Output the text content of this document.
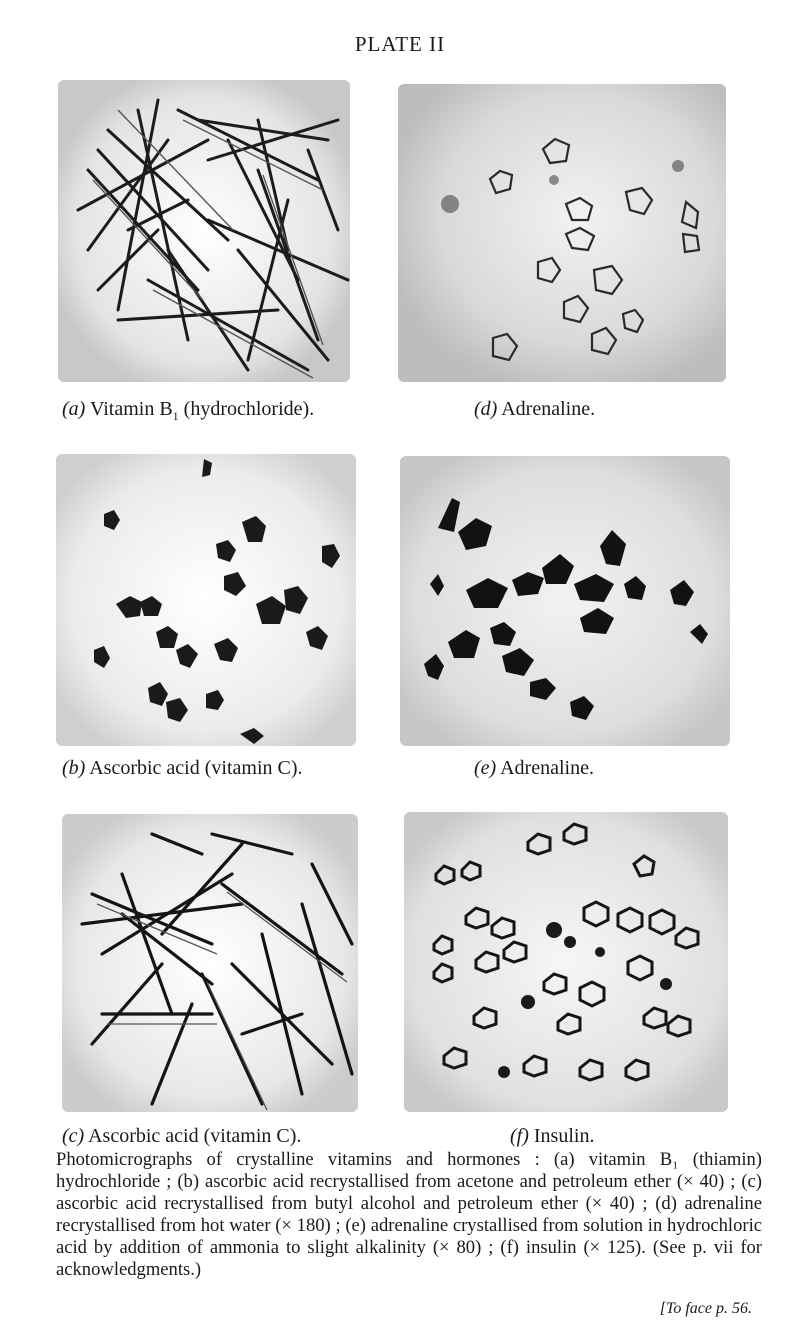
PLATE II
(a) Vitamin $B_1$ (hydrochloride).	(d) Adrenaline.
(b) Ascorbic acid (vitamin C).	(e) Adrenaline.
(c) Ascorbic acid (vitamin C).	(f) Insulin.
Photomicrographs of crystalline vitamins and hormones : (a) vitamin B₁ (thiamin) hydrochloride ; (b) ascorbic acid recrystallised from acetone and petroleum ether (× 40) ; (c) ascorbic acid recrystallised from butyl alcohol and petroleum ether (× 40) ; (d) adrenaline recrystallised from hot water (× 180) ; (e) adrenaline crystallised from solution in hydrochloric acid by addition of ammonia to slight alkalinity (× 80) ; (f) insulin (× 125). (See p. vii for acknowledgments.)
[To face p. 56.
